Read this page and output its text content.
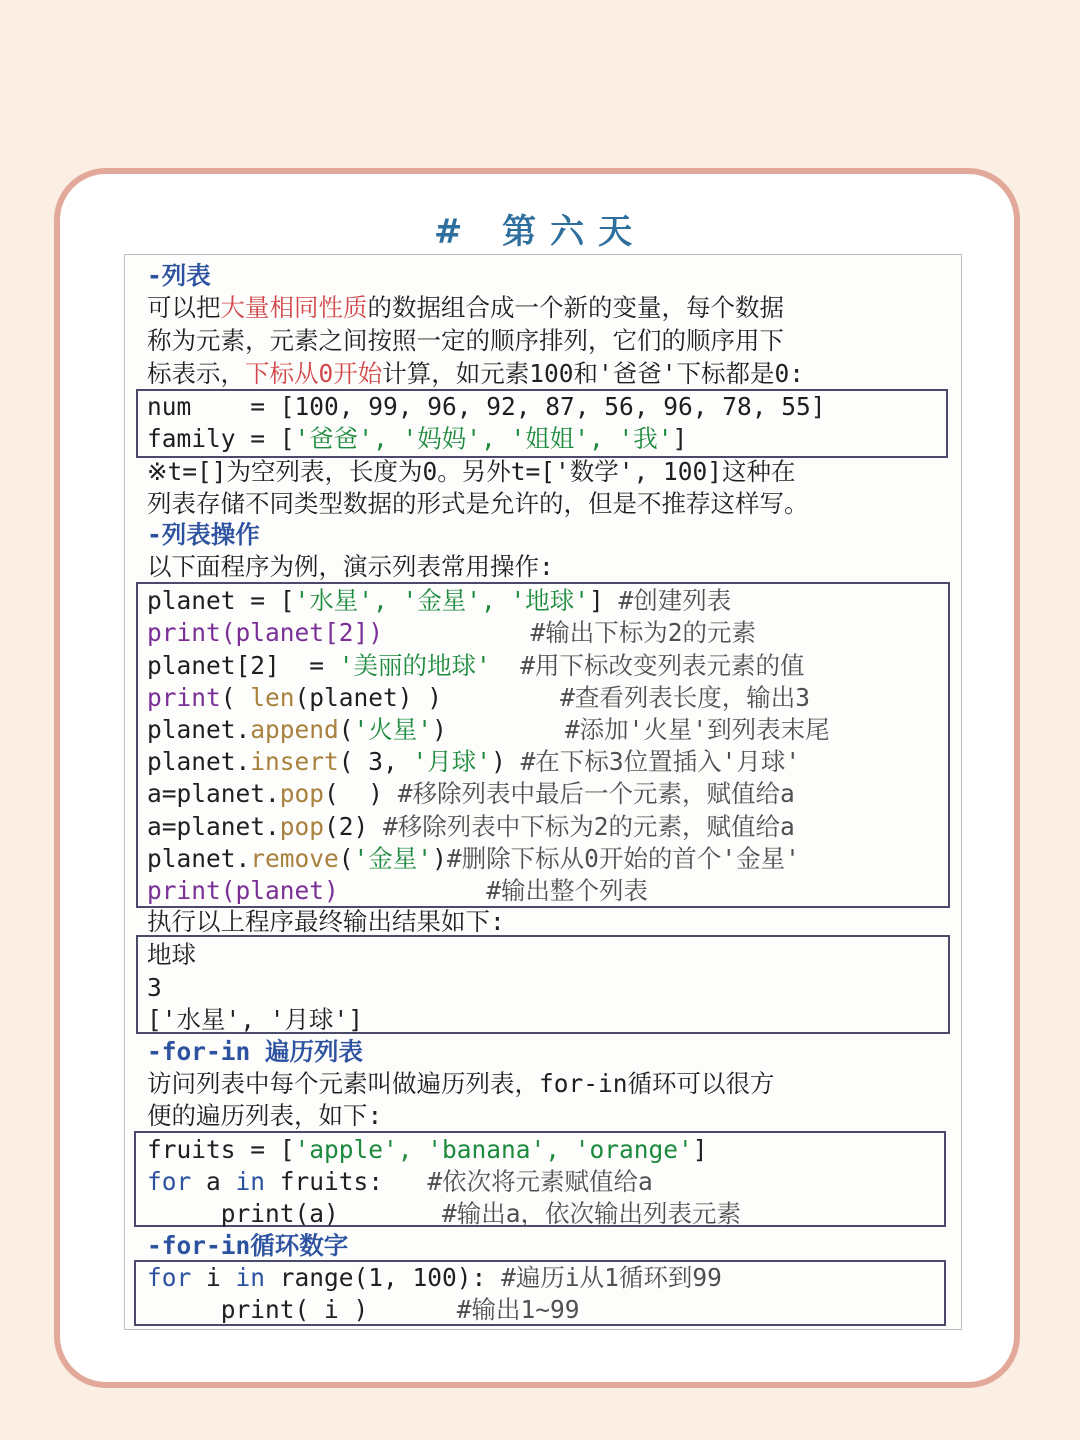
# 第六天
-列表
可以把大量相同性质的数据组合成一个新的变量，每个数据
称为元素，元素之间按照一定的顺序排列，它们的顺序用下
标表示，下标从0开始计算，如元素100和'爸爸'下标都是0:
num    = [100, 99, 96, 92, 87, 56, 96, 78, 55]
family = ['爸爸', '妈妈', '姐姐', '我']
※t=[]为空列表，长度为0。另外t=['数学', 100]这种在
列表存储不同类型数据的形式是允许的，但是不推荐这样写。
-列表操作
以下面程序为例，演示列表常用操作:
planet = ['水星', '金星', '地球'] #创建列表
print(planet[2])          #输出下标为2的元素
planet[2]  = '美丽的地球' #用下标改变列表元素的值
print( len(planet) )        #查看列表长度，输出3
planet.append('火星')        #添加'火星'到列表末尾
planet.insert( 3, '月球') #在下标3位置插入'月球'
a=planet.pop(  ) #移除列表中最后一个元素，赋值给a
a=planet.pop(2) #移除列表中下标为2的元素，赋值给a
planet.remove('金星')#删除下标从0开始的首个'金星'
print(planet)          #输出整个列表
执行以上程序最终输出结果如下:
地球
3
['水星', '月球']
-for-in 遍历列表
访问列表中每个元素叫做遍历列表，for-in循环可以很方
便的遍历列表，如下:
fruits = ['apple', 'banana', 'orange']
for a in fruits:   #依次将元素赋值给a
print(a)       #输出a，依次输出列表元素
-for-in循环数字
for i in range(1, 100): #遍历i从1循环到99
print( i )      #输出1~99
